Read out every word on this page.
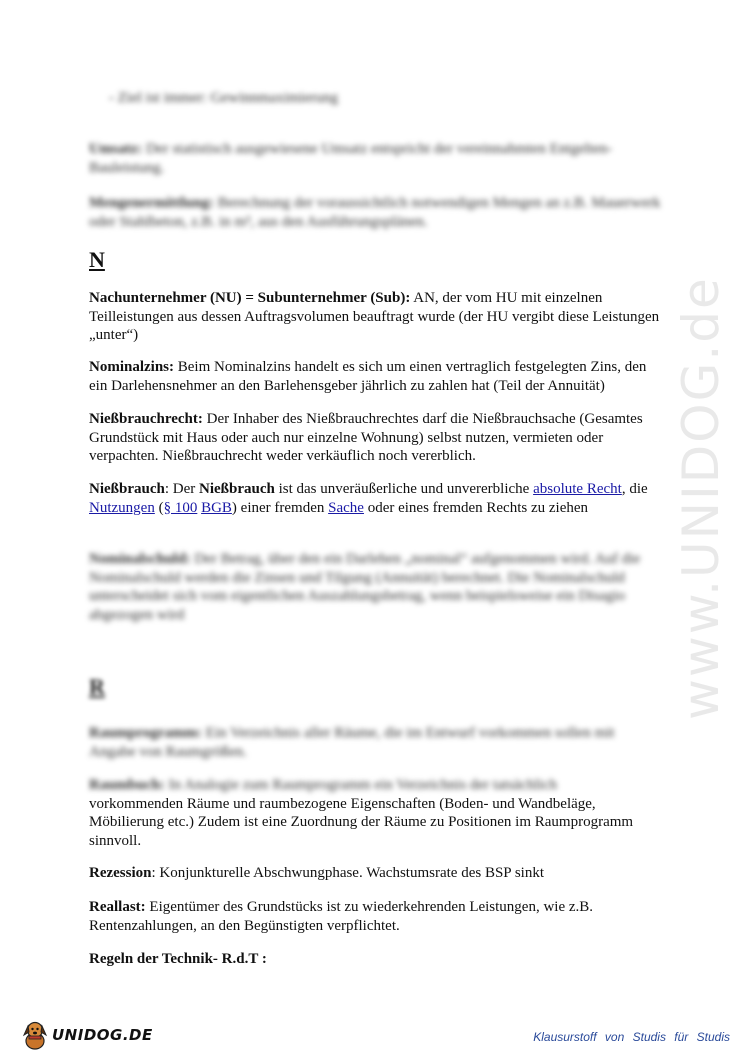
www.UNIDOG.de
- Ziel ist immer: Gewinnmaximierung
Umsatz: Der statistisch ausgewiesene Umsatz entspricht der vereinnahmten Entgelten-Bauleistung.
Mengenermittlung: Berechnung der voraussichtlich notwendigen Mengen an z.B. Mauerwerk oder Stahlbeton, z.B. in m³, aus den Ausführungsplänen.
N
Nachunternehmer (NU) = Subunternehmer (Sub): AN, der vom HU mit einzelnen Teilleistungen aus dessen Auftragsvolumen beauftragt wurde (der HU vergibt diese Leistungen „unter“)
Nominalzins: Beim Nominalzins handelt es sich um einen vertraglich festgelegten Zins, den ein Darlehensnehmer an den Barlehensgeber jährlich zu zahlen hat (Teil der Annuität)
Nießbrauchrecht: Der Inhaber des Nießbrauchrechtes darf die Nießbrauchsache (Gesamtes Grundstück mit Haus oder auch nur einzelne Wohnung) selbst nutzen, vermieten oder verpachten. Nießbrauchrecht weder verkäuflich noch vererblich.
Nießbrauch: Der Nießbrauch ist das unveräußerliche und unvererbliche absolute Recht, die Nutzungen (§ 100 BGB) einer fremden Sache oder eines fremden Rechts zu ziehen
Nominalschuld: Der Betrag, über den ein Darlehen „nominal“ aufgenommen wird. Auf die Nominalschuld werden die Zinsen und Tilgung (Annuität) berechnet. Die Nominalschuld unterscheidet sich vom eigentlichen Auszahlungsbetrag, wenn beispielsweise ein Disagio abgezogen wird
R
Raumprogramm: Ein Verzeichnis aller Räume, die im Entwurf vorkommen sollen mit Angabe von Raumgrößen.
Raumbuch: In Analogie zum Raumprogramm ein Verzeichnis der tatsächlich
vorkommenden Räume und raumbezogene Eigenschaften (Boden- und Wandbeläge, Möbilierung etc.) Zudem ist eine Zuordnung der Räume zu Positionen im Raumprogramm sinnvoll.
Rezession: Konjunkturelle Abschwungphase. Wachstumsrate des BSP sinkt
Reallast: Eigentümer des Grundstücks ist zu wiederkehrenden Leistungen, wie z.B. Rentenzahlungen, an den Begünstigten verpflichtet.
Regeln der Technik- R.d.T :
UNIDOG.DE	Klausurstoff von Studis für Studis
